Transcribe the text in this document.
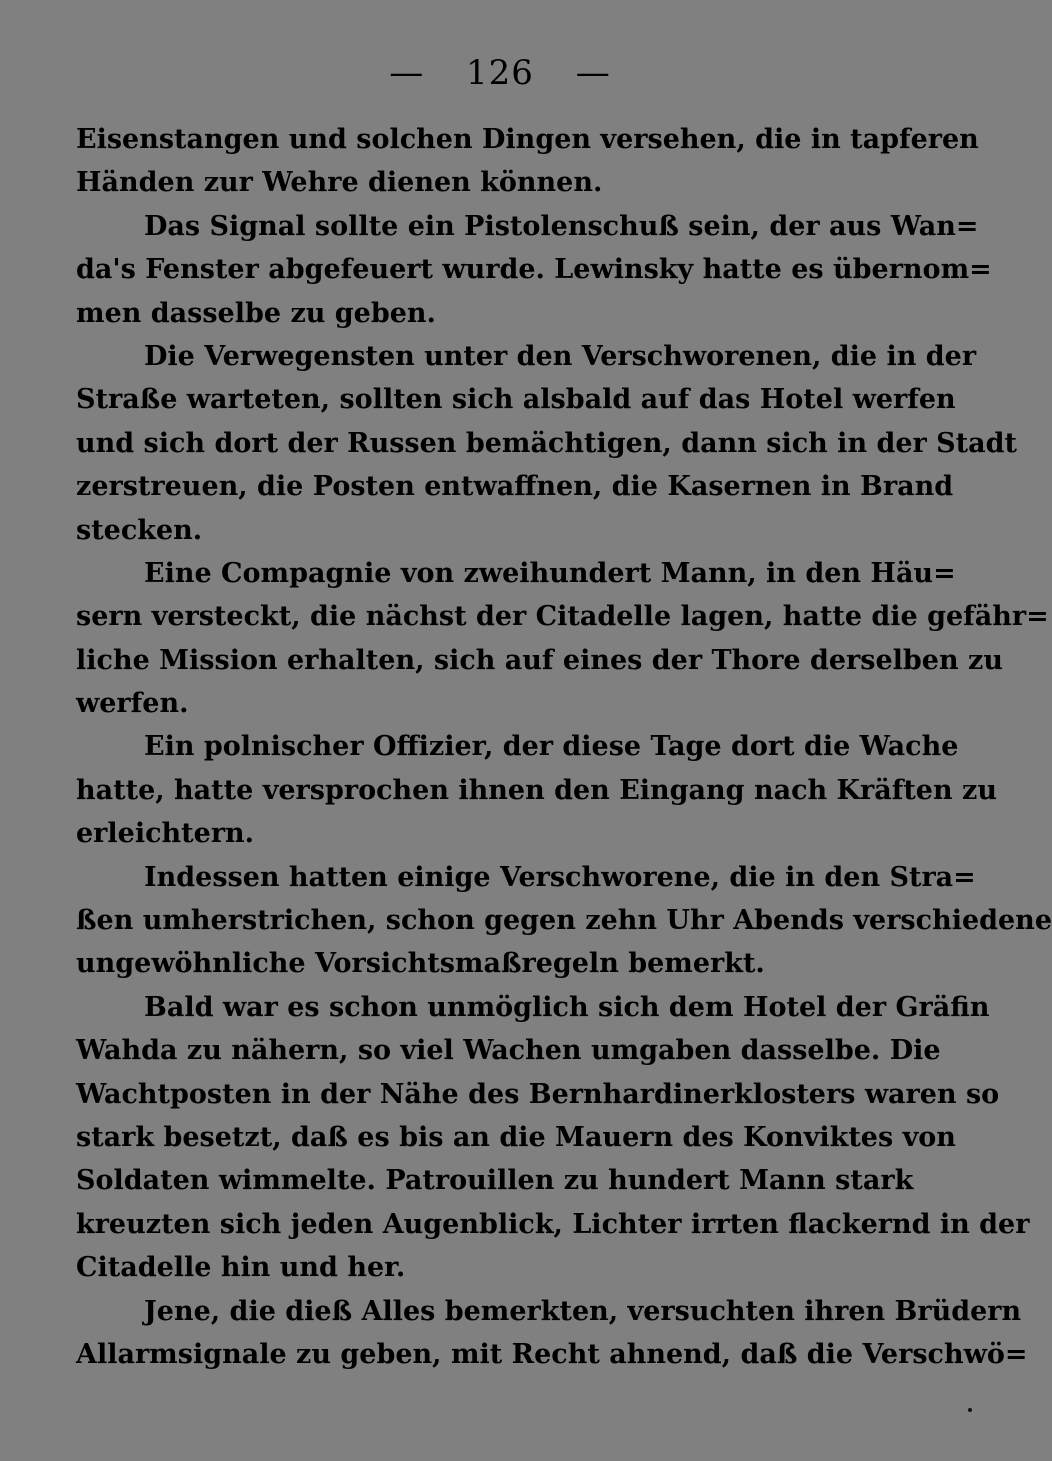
— 126 —
Eisenstangen und solchen Dingen versehen, die in tapferen
Händen zur Wehre dienen können.
Das Signal sollte ein Pistolenschuß sein, der aus Wan=
da's Fenster abgefeuert wurde. Lewinsky hatte es übernom=
men dasselbe zu geben.
Die Verwegensten unter den Verschworenen, die in der
Straße warteten, sollten sich alsbald auf das Hotel werfen
und sich dort der Russen bemächtigen, dann sich in der Stadt
zerstreuen, die Posten entwaffnen, die Kasernen in Brand
stecken.
Eine Compagnie von zweihundert Mann, in den Häu=
sern versteckt, die nächst der Citadelle lagen, hatte die gefähr=
liche Mission erhalten, sich auf eines der Thore derselben zu
werfen.
Ein polnischer Offizier, der diese Tage dort die Wache
hatte, hatte versprochen ihnen den Eingang nach Kräften zu
erleichtern.
Indessen hatten einige Verschworene, die in den Stra=
ßen umherstrichen, schon gegen zehn Uhr Abends verschiedene
ungewöhnliche Vorsichtsmaßregeln bemerkt.
Bald war es schon unmöglich sich dem Hotel der Gräfin
Wahda zu nähern, so viel Wachen umgaben dasselbe. Die
Wachtposten in der Nähe des Bernhardinerklosters waren so
stark besetzt, daß es bis an die Mauern des Konviktes von
Soldaten wimmelte. Patrouillen zu hundert Mann stark
kreuzten sich jeden Augenblick, Lichter irrten flackernd in der
Citadelle hin und her.
Jene, die dieß Alles bemerkten, versuchten ihren Brüdern
Allarmsignale zu geben, mit Recht ahnend, daß die Verschwö=
